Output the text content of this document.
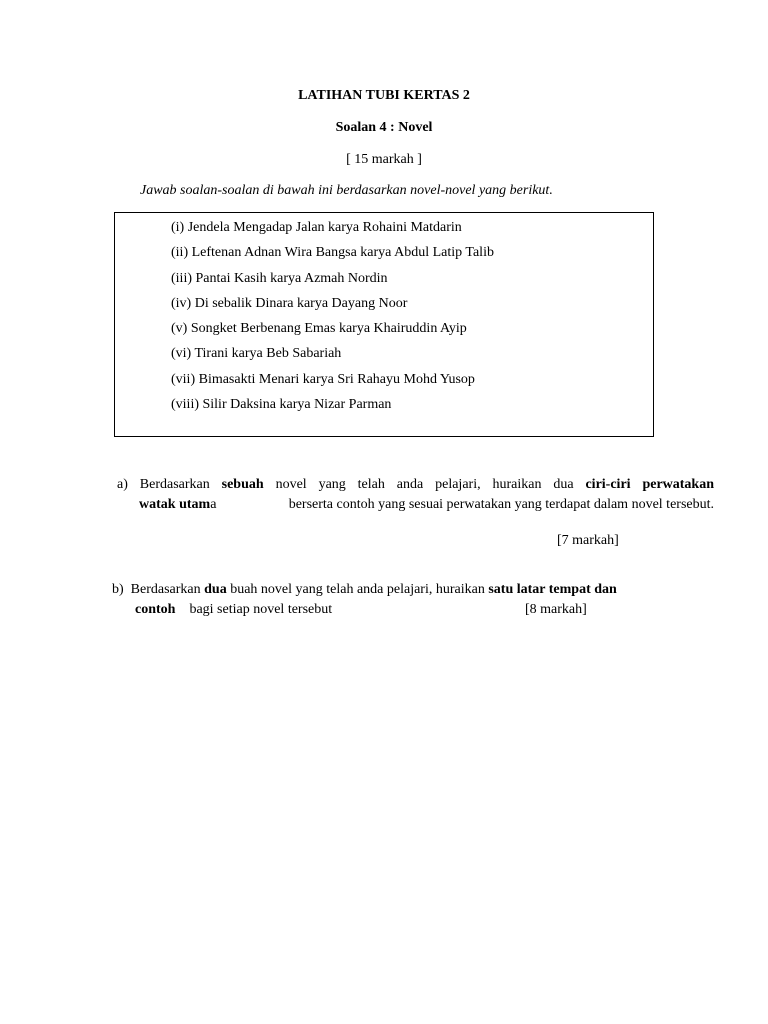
LATIHAN TUBI KERTAS 2
Soalan 4 : Novel
[ 15 markah ]
Jawab soalan-soalan di bawah ini berdasarkan novel-novel yang berikut.
(i) Jendela Mengadap Jalan karya Rohaini Matdarin
(ii) Leftenan Adnan Wira Bangsa karya Abdul Latip Talib
(iii) Pantai Kasih karya Azmah Nordin
(iv) Di sebalik Dinara karya Dayang Noor
(v) Songket Berbenang Emas karya Khairuddin Ayip
(vi) Tirani karya Beb Sabariah
(vii) Bimasakti Menari karya Sri Rahayu Mohd Yusop
(viii) Silir Daksina karya Nizar Parman
a) Berdasarkan sebuah novel yang telah anda pelajari, huraikan dua ciri-ciri perwatakan
watak utama	berserta contoh yang sesuai perwatakan yang terdapat dalam novel tersebut.
[7 markah]
b) Berdasarkan dua buah novel yang telah anda pelajari, huraikan satu latar tempat dan
contoh bagi setiap novel tersebut	[8 markah]
